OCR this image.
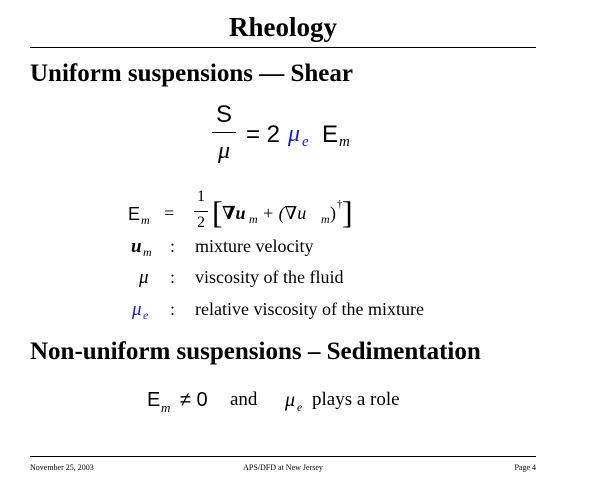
Rheology
Uniform suspensions — Shear
S
μ
= 2 μ e E m
E m =
1
2 [ ∇u m + (∇u m ) † ]
u m : mixture velocity
μ : viscosity of the fluid
μ e : relative viscosity of the mixture
Non-uniform suspensions – Sedimentation
E m ≠ 0 and μ e plays a role
November 25, 2003	APS/DFD at New Jersey	Page 4
